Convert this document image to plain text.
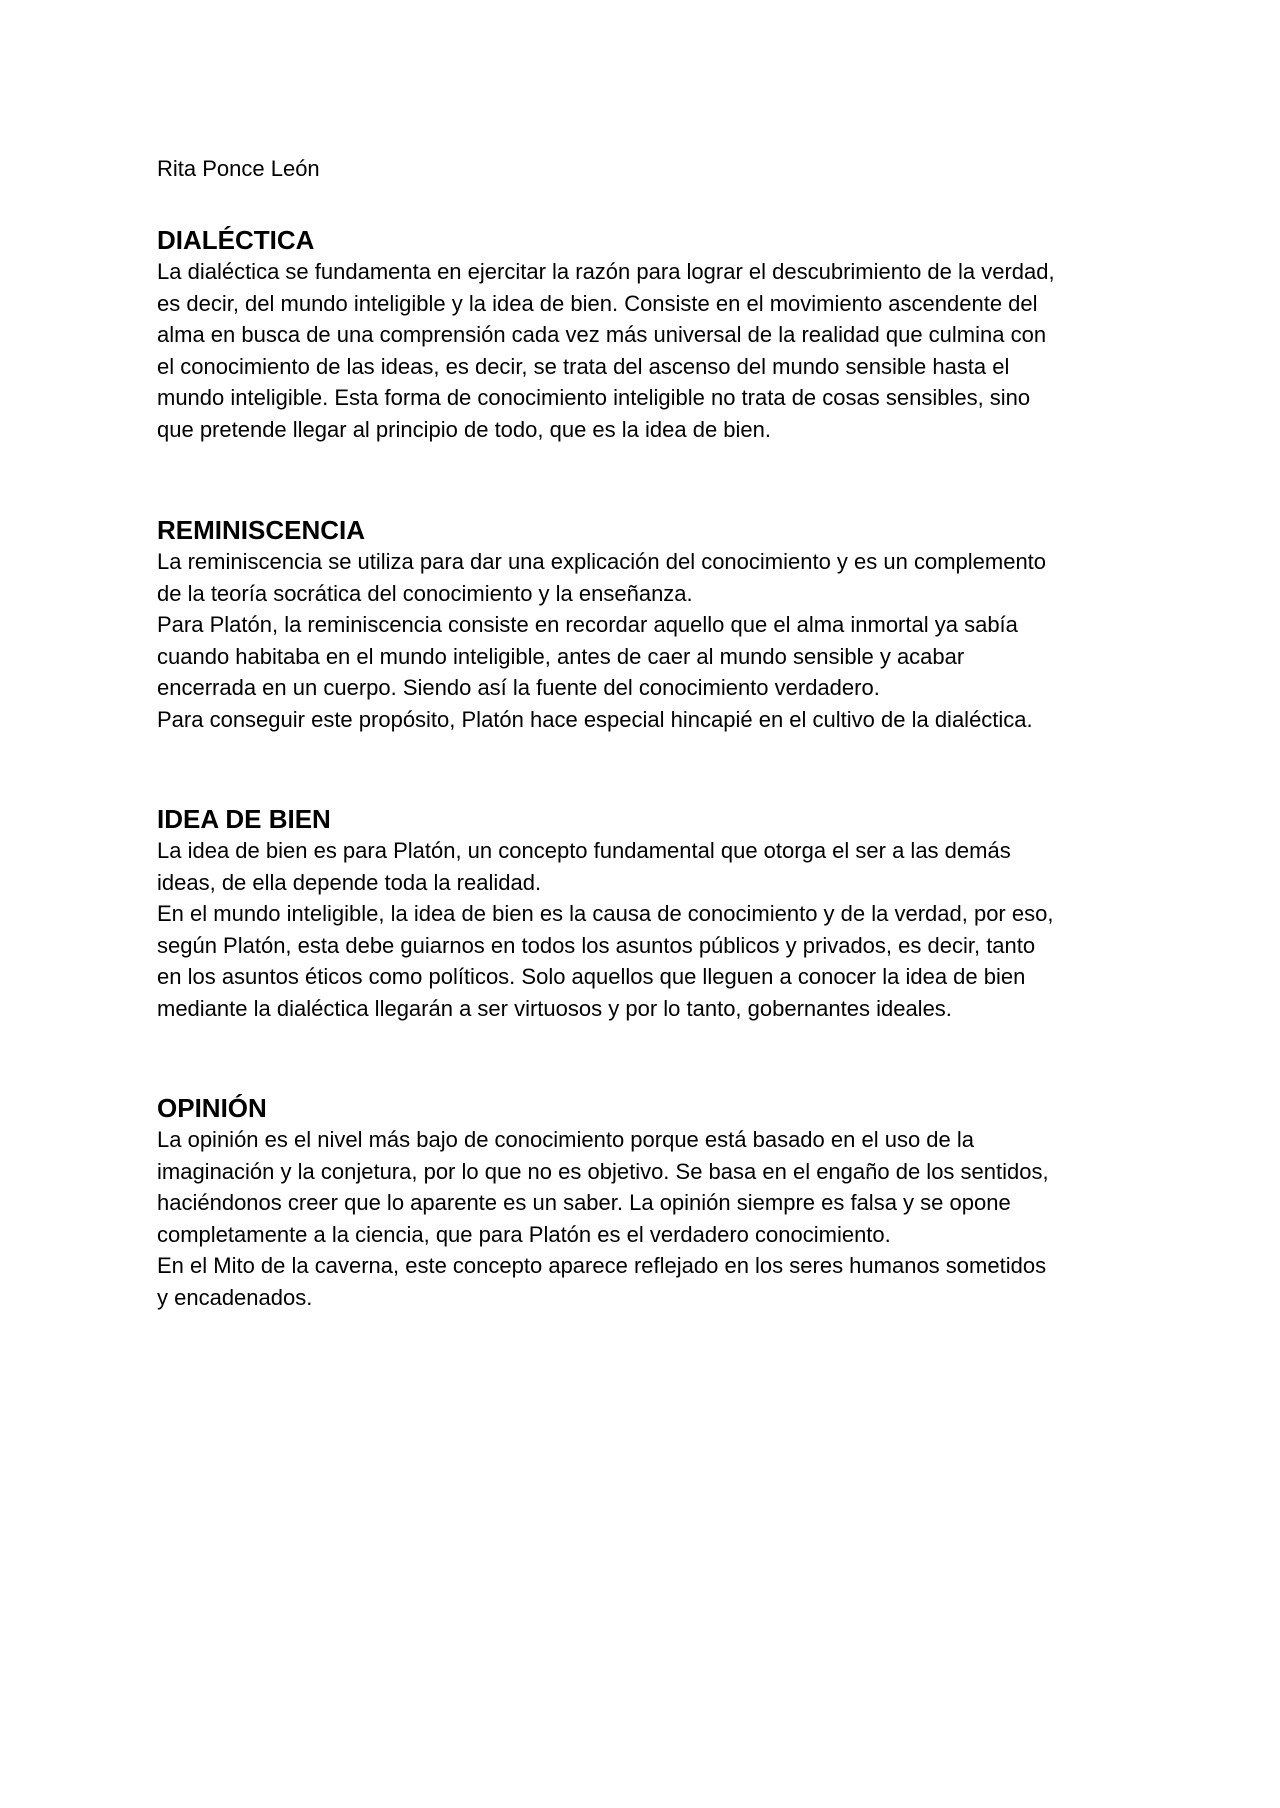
Rita Ponce León
DIALÉCTICA

La dialéctica se fundamenta en ejercitar la razón para lograr el descubrimiento de la verdad,
es decir, del mundo inteligible y la idea de bien. Consiste en el movimiento ascendente del
alma en busca de una comprensión cada vez más universal de la realidad que culmina con
el conocimiento de las ideas, es decir, se trata del ascenso del mundo sensible hasta el
mundo inteligible. Esta forma de conocimiento inteligible no trata de cosas sensibles, sino
que pretende llegar al principio de todo, que es la idea de bien.

REMINISCENCIA

La reminiscencia se utiliza para dar una explicación del conocimiento y es un complemento
de la teoría socrática del conocimiento y la enseñanza.

Para Platón, la reminiscencia consiste en recordar aquello que el alma inmortal ya sabía
cuando habitaba en el mundo inteligible, antes de caer al mundo sensible y acabar
encerrada en un cuerpo. Siendo así la fuente del conocimiento verdadero.

Para conseguir este propósito, Platón hace especial hincapié en el cultivo de la dialéctica.

IDEA DE BIEN

La idea de bien es para Platón, un concepto fundamental que otorga el ser a las demás
ideas, de ella depende toda la realidad.

En el mundo inteligible, la idea de bien es la causa de conocimiento y de la verdad, por eso,
según Platón, esta debe guiarnos en todos los asuntos públicos y privados, es decir, tanto
en los asuntos éticos como políticos. Solo aquellos que lleguen a conocer la idea de bien
mediante la dialéctica llegarán a ser virtuosos y por lo tanto, gobernantes ideales.

OPINIÓN

La opinión es el nivel más bajo de conocimiento porque está basado en el uso de la
imaginación y la conjetura, por lo que no es objetivo. Se basa en el engaño de los sentidos,
haciéndonos creer que lo aparente es un saber. La opinión siempre es falsa y se opone
completamente a la ciencia, que para Platón es el verdadero conocimiento.

En el Mito de la caverna, este concepto aparece reflejado en los seres humanos sometidos
y encadenados.
